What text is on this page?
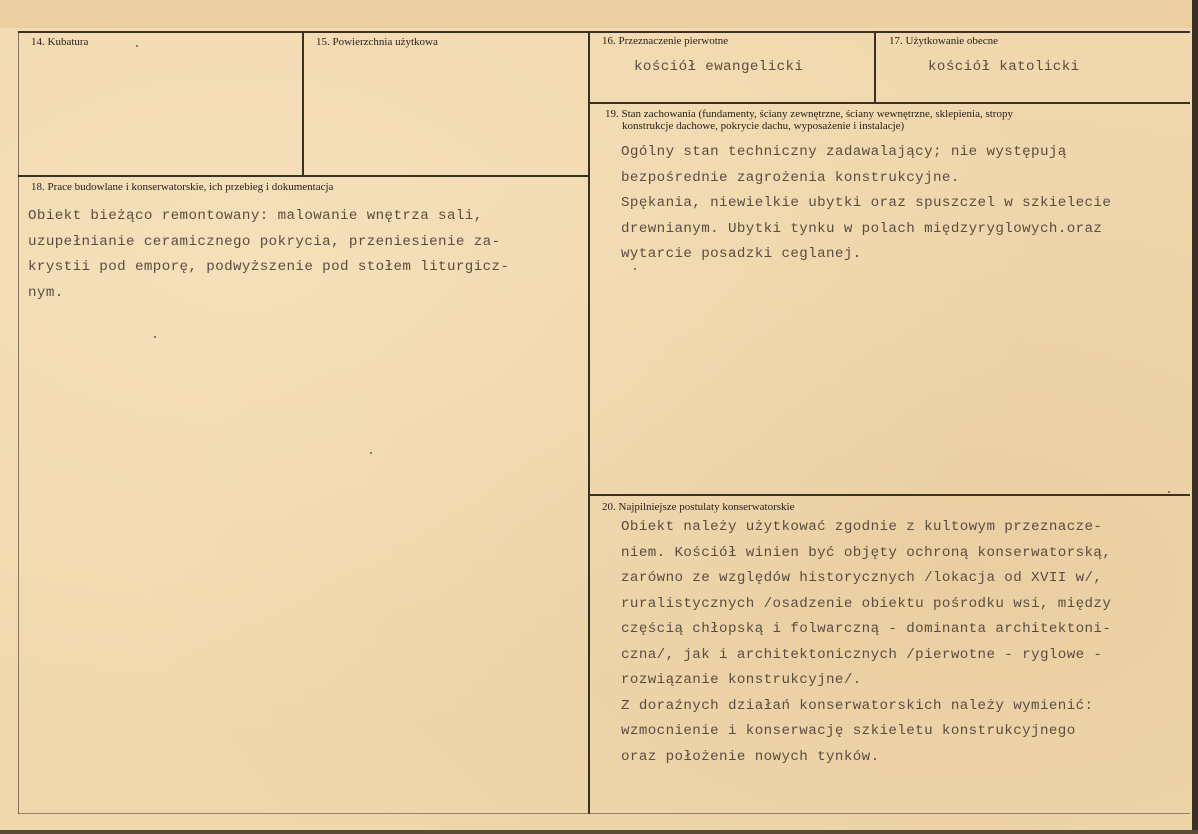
14. Kubatura	15. Powierzchnia użytkowa	16. Przeznaczenie pierwotne
kościół ewangelicki
17. Użytkowanie obecne
kościół katolicki
18. Prace budowlane i konserwatorskie, ich przebieg i dokumentacja
Obiekt bieżąco remontowany: malowanie wnętrza sali,
uzupełnianie ceramicznego pokrycia, przeniesienie za-
krystii pod emporę, podwyższenie pod stołem liturgicz-
nym.
19. Stan zachowania (fundamenty, ściany zewnętrzne, ściany wewnętrzne, sklepienia, stropy
konstrukcje dachowe, pokrycie dachu, wyposażenie i instalacje)
Ogólny stan techniczny zadawalający; nie występują
bezpośrednie zagrożenia konstrukcyjne.
Spękania, niewielkie ubytki oraz spuszczel w szkielecie
drewnianym. Ubytki tynku w polach międzyryglowych.oraz
wytarcie posadzki ceglanej.
20. Najpilniejsze postulaty konserwatorskie
Obiekt należy użytkować zgodnie z kultowym przeznacze-
niem. Kościół winien być objęty ochroną konserwatorską,
zarówno ze względów historycznych /lokacja od XVII w/,
ruralistycznych /osadzenie obiektu pośrodku wsi, między
częścią chłopską i folwarczną - dominanta architektoni-
czna/, jak i architektonicznych /pierwotne - ryglowe -
rozwiązanie konstrukcyjne/.
Z doraźnych działań konserwatorskich należy wymienić:
wzmocnienie i konserwację szkieletu konstrukcyjnego
oraz położenie nowych tynków.
